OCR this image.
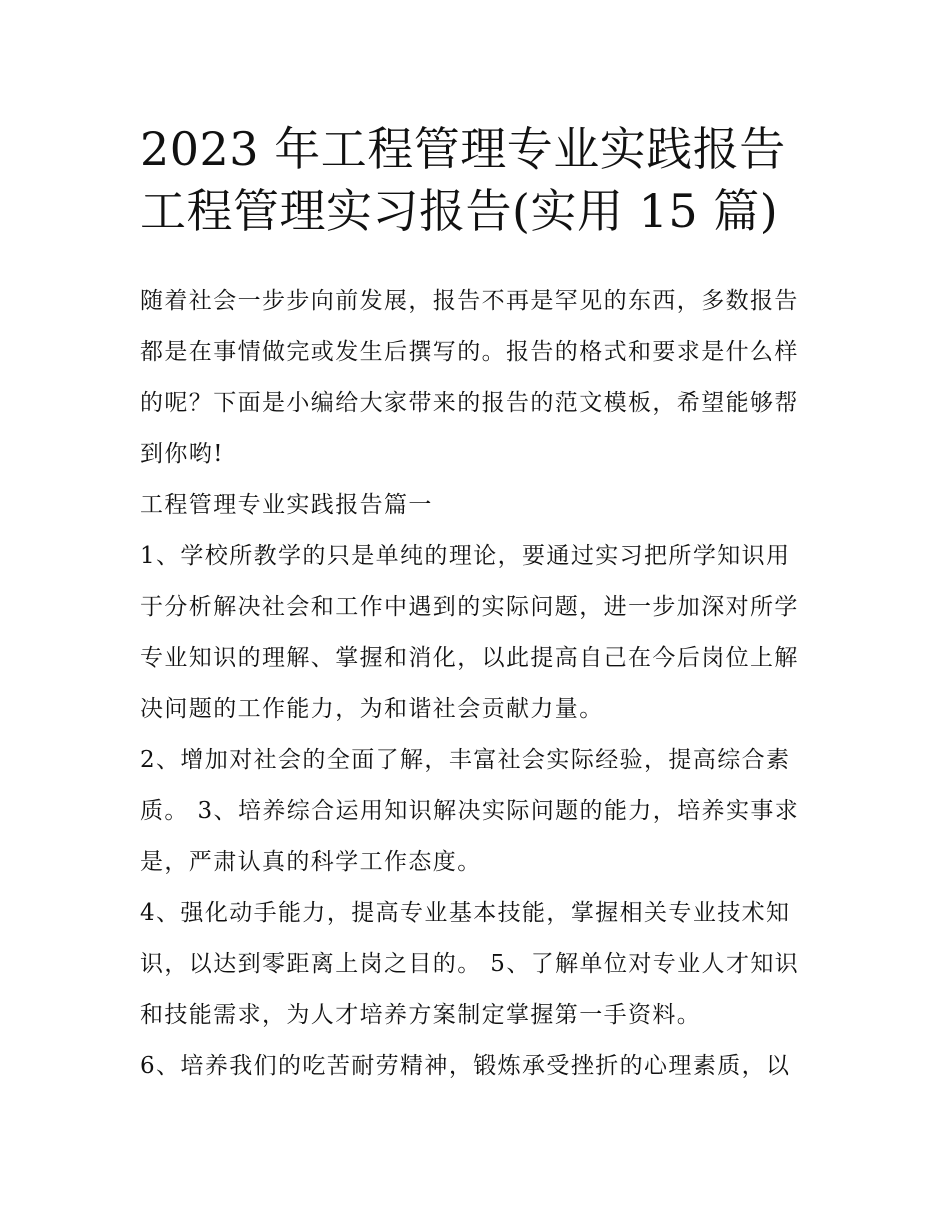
2023 年工程管理专业实践报告
工程管理实习报告(实用 15 篇)
随着社会一步步向前发展，报告不再是罕见的东西，多数报告
都是在事情做完或发生后撰写的。报告的格式和要求是什么样
的呢？下面是小编给大家带来的报告的范文模板，希望能够帮
到你哟!
工程管理专业实践报告篇一
1、学校所教学的只是单纯的理论，要通过实习把所学知识用
于分析解决社会和工作中遇到的实际问题，进一步加深对所学
专业知识的理解、掌握和消化，以此提高自己在今后岗位上解
决问题的工作能力，为和谐社会贡献力量。
2、增加对社会的全面了解，丰富社会实际经验，提高综合素
质。 3、培养综合运用知识解决实际问题的能力，培养实事求
是，严肃认真的科学工作态度。
4、强化动手能力，提高专业基本技能，掌握相关专业技术知
识，以达到零距离上岗之目的。 5、了解单位对专业人才知识
和技能需求，为人才培养方案制定掌握第一手资料。
6、培养我们的吃苦耐劳精神，锻炼承受挫折的心理素质，以
